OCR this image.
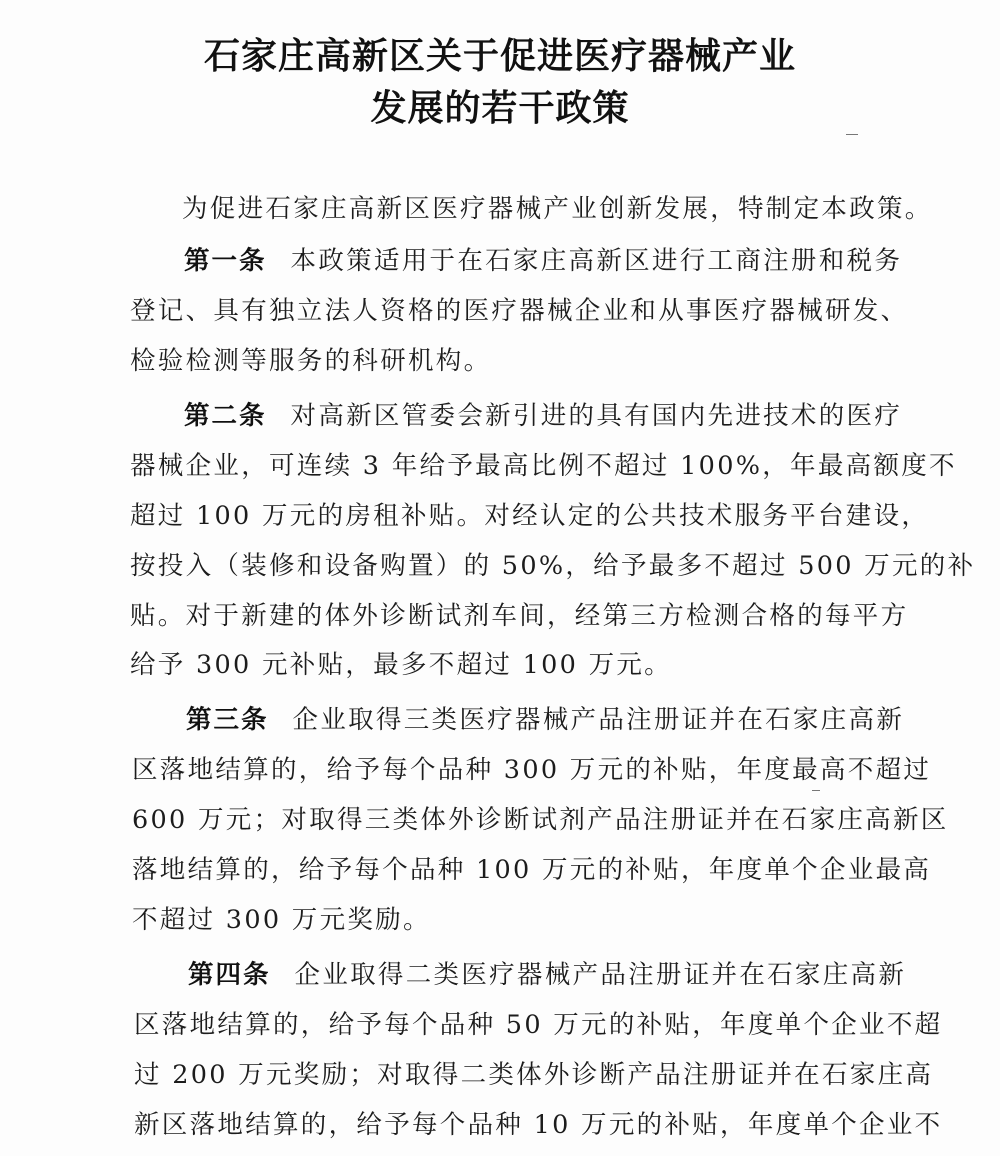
石家庄高新区关于促进医疗器械产业
发展的若干政策
为促进石家庄高新区医疗器械产业创新发展，特制定本政策。
第一条 本政策适用于在石家庄高新区进行工商注册和税务
登记、具有独立法人资格的医疗器械企业和从事医疗器械研发、
检验检测等服务的科研机构。
第二条 对高新区管委会新引进的具有国内先进技术的医疗
器械企业，可连续 3 年给予最高比例不超过 100%，年最高额度不
超过 100 万元的房租补贴。对经认定的公共技术服务平台建设，
按投入（装修和设备购置）的 50%，给予最多不超过 500 万元的补
贴。对于新建的体外诊断试剂车间，经第三方检测合格的每平方
给予 300 元补贴，最多不超过 100 万元。
第三条 企业取得三类医疗器械产品注册证并在石家庄高新
区落地结算的，给予每个品种 300 万元的补贴，年度最高不超过
600 万元；对取得三类体外诊断试剂产品注册证并在石家庄高新区
落地结算的，给予每个品种 100 万元的补贴，年度单个企业最高
不超过 300 万元奖励。
第四条 企业取得二类医疗器械产品注册证并在石家庄高新
区落地结算的，给予每个品种 50 万元的补贴，年度单个企业不超
过 200 万元奖励；对取得二类体外诊断产品注册证并在石家庄高
新区落地结算的，给予每个品种 10 万元的补贴，年度单个企业不
